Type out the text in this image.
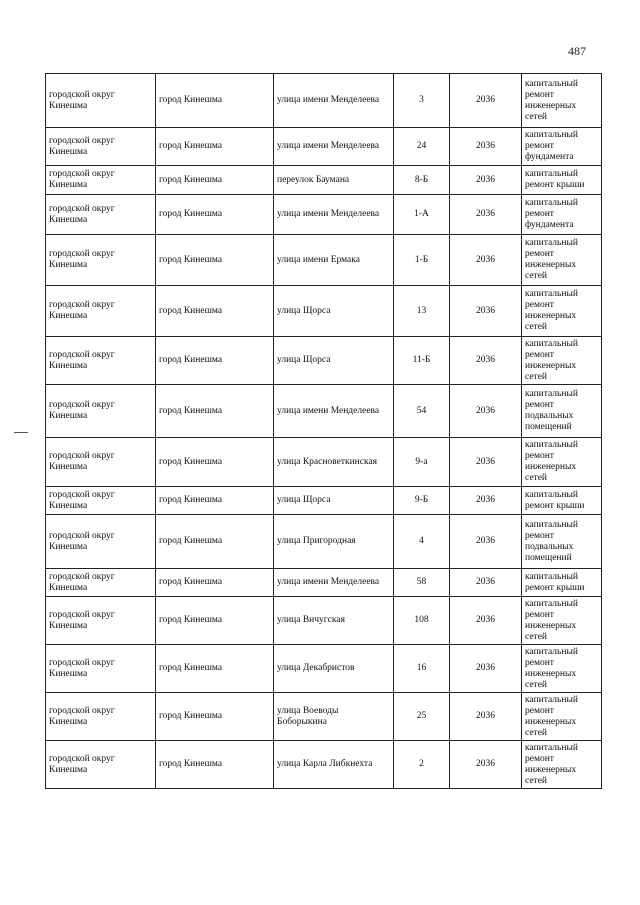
487
городской округ Кинешма	город Кинешма	улица имени Менделеева	3	2036	капитальный ремонт инженерных сетей
городской округ Кинешма	город Кинешма	улица имени Менделеева	24	2036	капитальный ремонт фундамента
городской округ Кинешма	город Кинешма	переулок Баумана	8-Б	2036	капитальный ремонт крыши
городской округ Кинешма	город Кинешма	улица имени Менделеева	1-А	2036	капитальный ремонт фундамента
городской округ Кинешма	город Кинешма	улица имени Ермака	1-Б	2036	капитальный ремонт инженерных сетей
городской округ Кинешма	город Кинешма	улица Щорса	13	2036	капитальный ремонт инженерных сетей
городской округ Кинешма	город Кинешма	улица Щорса	11-Б	2036	капитальный ремонт инженерных сетей
городской округ Кинешма	город Кинешма	улица имени Менделеева	54	2036	капитальный ремонт подвальных помещений
городской округ Кинешма	город Кинешма	улица Красноветкинская	9-а	2036	капитальный ремонт инженерных сетей
городской округ Кинешма	город Кинешма	улица Щорса	9-Б	2036	капитальный ремонт крыши
городской округ Кинешма	город Кинешма	улица Пригородная	4	2036	капитальный ремонт подвальных помещений
городской округ Кинешма	город Кинешма	улица имени Менделеева	58	2036	капитальный ремонт крыши
городской округ Кинешма	город Кинешма	улица Вичугская	108	2036	капитальный ремонт инженерных сетей
городской округ Кинешма	город Кинешма	улица Декабристов	16	2036	капитальный ремонт инженерных сетей
городской округ Кинешма	город Кинешма	улица Воеводы Боборыкина	25	2036	капитальный ремонт инженерных сетей
городской округ Кинешма	город Кинешма	улица Карла Либкнехта	2	2036	капитальный ремонт инженерных сетей
